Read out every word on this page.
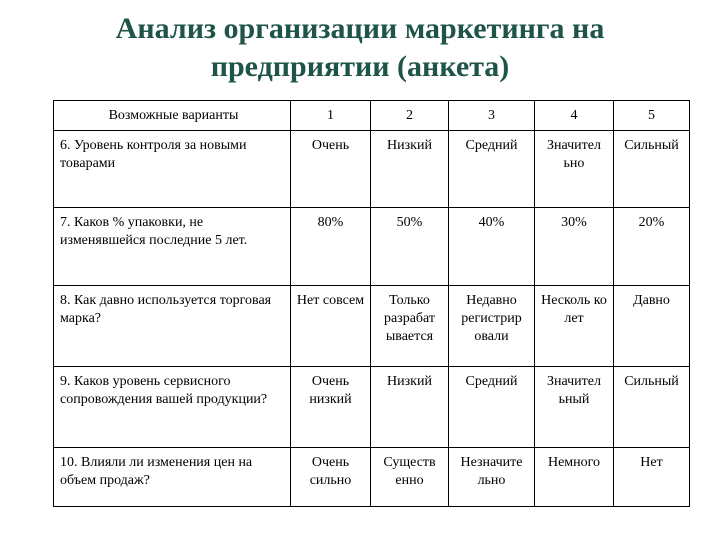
Анализ организации маркетинга на
предприятии (анкета)
Возможные варианты	1	2	3	4	5
6. Уровень контроля за новыми товарами	Очень	Низкий	Средний	Значител ьно	Сильный
7. Каков % упаковки, не изменявшейся последние 5 лет.	80%	50%	40%	30%	20%
8. Как давно используется торговая марка?	Нет совсем	Только разрабат ывается	Недавно регистрир овали	Несколь ко лет	Давно
9. Каков уровень сервисного сопровождения вашей продукции?	Очень низкий	Низкий	Средний	Значител ьный	Сильный
10. Влияли ли изменения цен на объем продаж?	Очень сильно	Существ енно	Незначите льно	Немного	Нет
